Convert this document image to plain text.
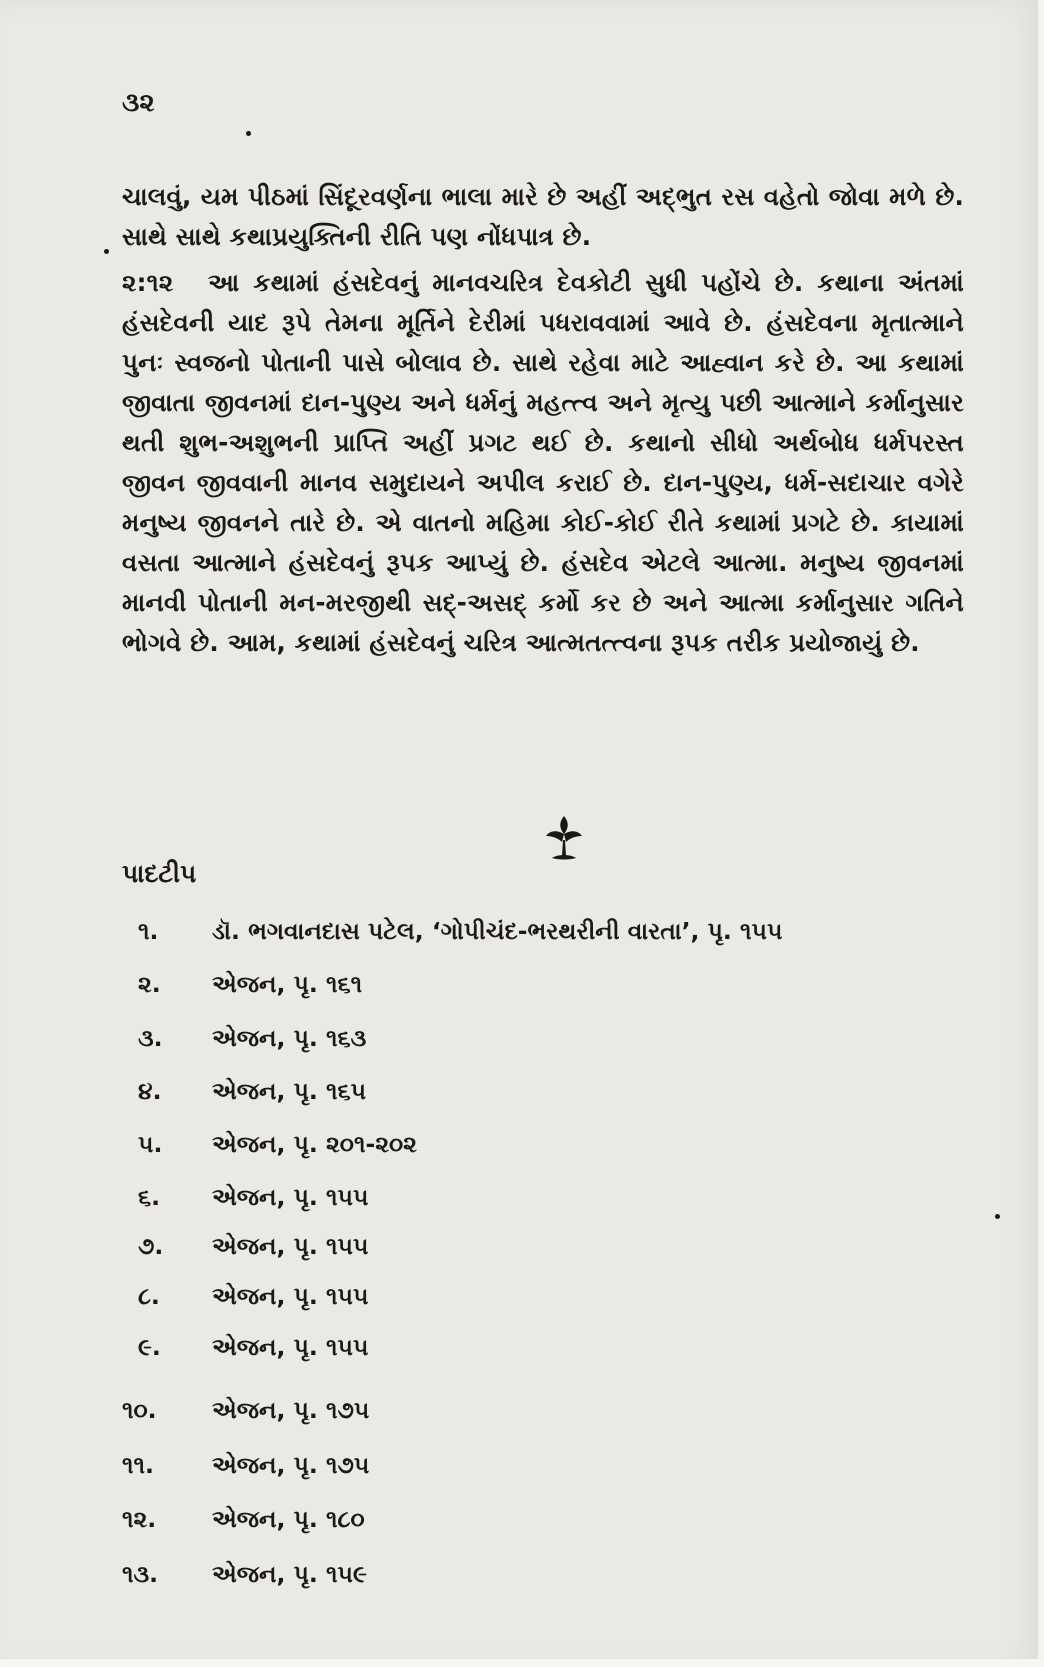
૩૨

ચાલવું, યમ પીઠમાં સિંદૂરવર્ણના ભાલા મારે છે અહીં અદ્‌ભુત રસ વહેતો જોવા મળે છે. સાથે સાથે કથાપ્રયુક્તિની રીતિ પણ નોંધપાત્ર છે.

૨:૧૨ આ કથામાં હંસદેવનું માનવચરિત્ર દેવકોટી સુધી પહોંચે છે. કથાના અંતમાં હંસદેવની યાદ રૂપે તેમના મૂર્તિને દેરીમાં પધરાવવામાં આવે છે. હંસદેવના મૃતાત્માને પુનઃ સ્વજનો પોતાની પાસે બોલાવ છે. સાથે રહેવા માટે આહ્વાન કરે છે. આ કથામાં જીવાતા જીવનમાં દાન-પુણ્ય અને ધર્મનું મહત્ત્વ અને મૃત્યુ પછી આત્માને કર્માનુસાર થતી શુભ-અશુભની પ્રાપ્તિ અહીં પ્રગટ થઈ છે. કથાનો સીધો અર્થબોધ ધર્મપરસ્ત જીવન જીવવાની માનવ સમુદાયને અપીલ કરાઈ છે. દાન-પુણ્ય, ધર્મ-સદાચાર વગેરે મનુષ્ય જીવનને તારે છે. એ વાતનો મહિમા કોઈ-કોઈ રીતે કથામાં પ્રગટે છે. કાયામાં વસતા આત્માને હંસદેવનું રૂપક આપ્યું છે. હંસદેવ એટલે આત્મા. મનુષ્ય જીવનમાં માનવી પોતાની મન-મરજીથી સદ્‌-અસદ્‌ કર્મો કર છે અને આત્મા કર્માનુસાર ગતિને ભોગવે છે. આમ, કથામાં હંસદેવનું ચરિત્ર આત્મતત્ત્વના રૂપક તરીક પ્રયોજાયું છે.

પાદટીપ
૧. ડૉ. ભગવાનદાસ પટેલ, ‘ગોપીચંદ-ભરથરીની વારતા’, પૃ. ૧૫૫
૨. એજન, પૃ. ૧૬૧
૩. એજન, પૃ. ૧૬૩
૪. એજન, પૃ. ૧૬૫
૫. એજન, પૃ. ૨૦૧-૨૦૨
૬. એજન, પૃ. ૧૫૫
૭. એજન, પૃ. ૧૫૫
૮. એજન, પૃ. ૧૫૫
૯. એજન, પૃ. ૧૫૫
૧૦. એજન, પૃ. ૧૭૫
૧૧. એજન, પૃ. ૧૭૫
૧૨. એજન, પૃ. ૧૮૦
૧૩. એજન, પૃ. ૧૫૯
